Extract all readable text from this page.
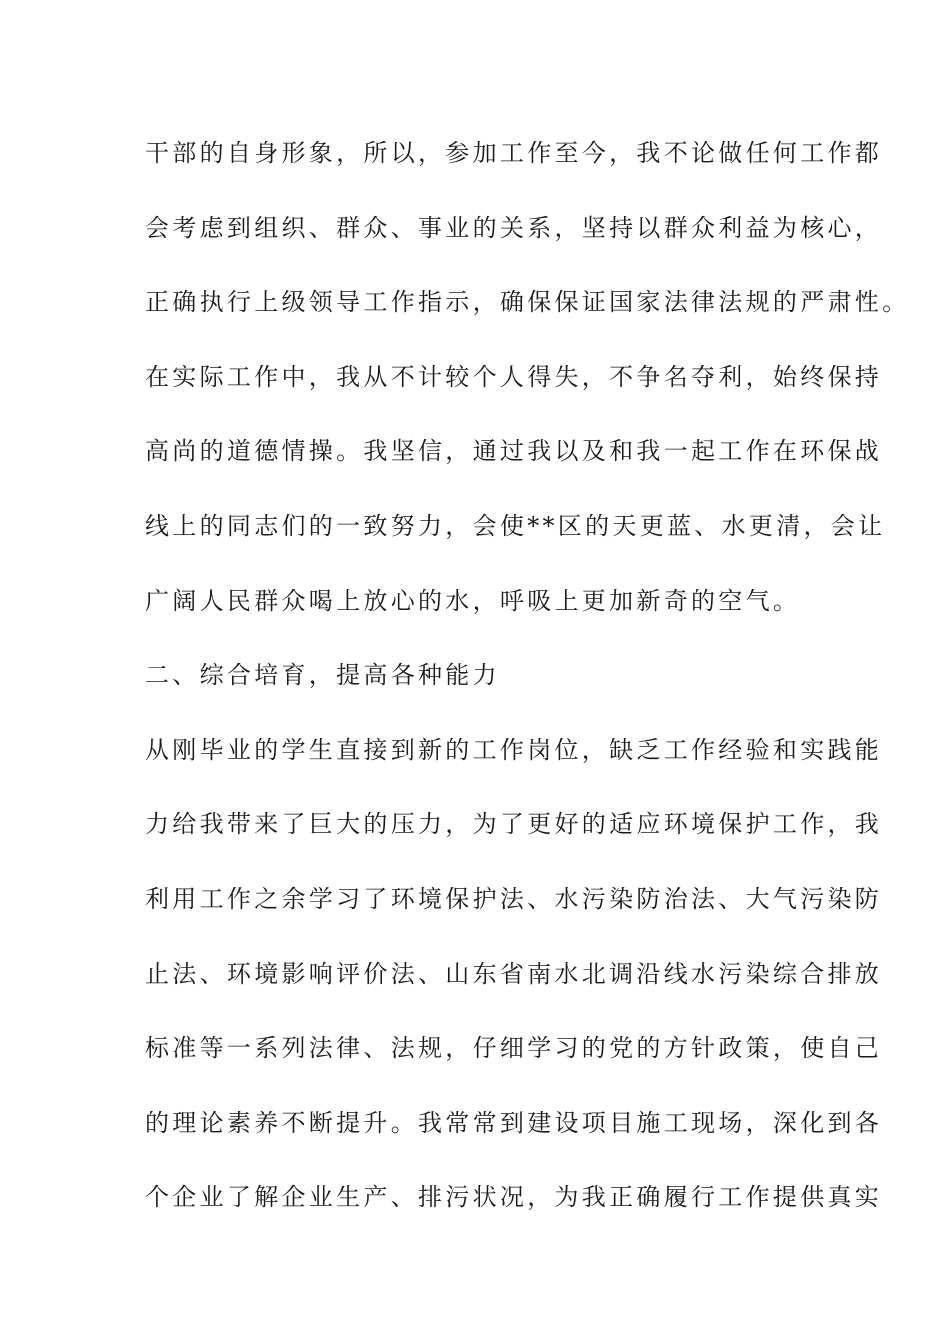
干部的自身形象，所以，参加工作至今，我不论做任何工作都
会考虑到组织、群众、事业的关系，坚持以群众利益为核心，
正确执行上级领导工作指示，确保保证国家法律法规的严肃性。
在实际工作中，我从不计较个人得失，不争名夺利，始终保持
高尚的道德情操。我坚信，通过我以及和我一起工作在环保战
线上的同志们的一致努力，会使**区的天更蓝、水更清，会让
广阔人民群众喝上放心的水，呼吸上更加新奇的空气。
二、综合培育，提高各种能力
从刚毕业的学生直接到新的工作岗位，缺乏工作经验和实践能
力给我带来了巨大的压力，为了更好的适应环境保护工作，我
利用工作之余学习了环境保护法、水污染防治法、大气污染防
止法、环境影响评价法、山东省南水北调沿线水污染综合排放
标准等一系列法律、法规，仔细学习的党的方针政策，使自己
的理论素养不断提升。我常常到建设项目施工现场，深化到各
个企业了解企业生产、排污状况，为我正确履行工作提供真实
